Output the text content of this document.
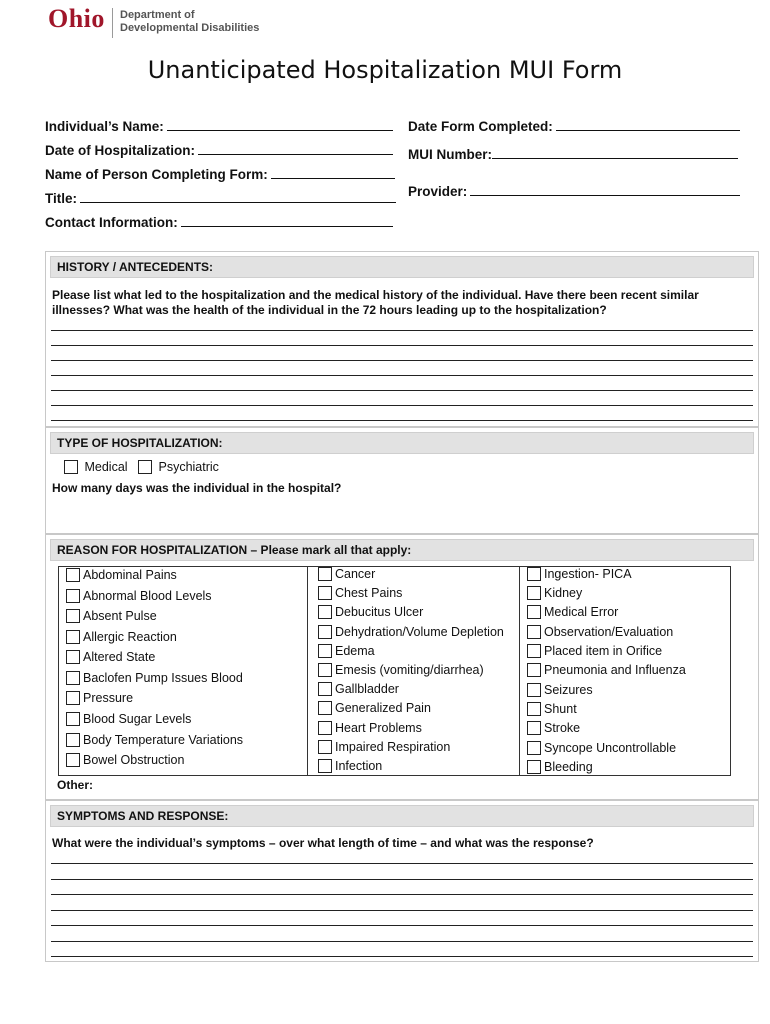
Ohio Department of
Developmental Disabilities
Unanticipated Hospitalization MUI Form
Individual’s Name:
Date of Hospitalization:
Name of Person Completing Form:
Title:
Contact Information:
Date Form Completed:
MUI Number:
Provider:
HISTORY / ANTECEDENTS:
Please list what led to the hospitalization and the medical history of the individual. Have there been recent similar illnesses? What was the health of the individual in the 72 hours leading up to the hospitalization?
TYPE OF HOSPITALIZATION:
Medical	Psychiatric
How many days was the individual in the hospital?
REASON FOR HOSPITALIZATION – Please mark all that apply:
Abdominal Pains
Abnormal Blood Levels
Absent Pulse
Allergic Reaction
Altered State
Baclofen Pump Issues Blood
Pressure
Blood Sugar Levels
Body Temperature Variations
Bowel Obstruction
Cancer
Chest Pains
Debucitus Ulcer
Dehydration/Volume Depletion
Edema
Emesis (vomiting/diarrhea)
Gallbladder
Generalized Pain
Heart Problems
Impaired Respiration
Infection
Ingestion- PICA
Kidney
Medical Error
Observation/Evaluation
Placed item in Orifice
Pneumonia and Influenza
Seizures
Shunt
Stroke
Syncope Uncontrollable
Bleeding
Other:
SYMPTOMS AND RESPONSE:
What were the individual’s symptoms – over what length of time – and what was the response?
